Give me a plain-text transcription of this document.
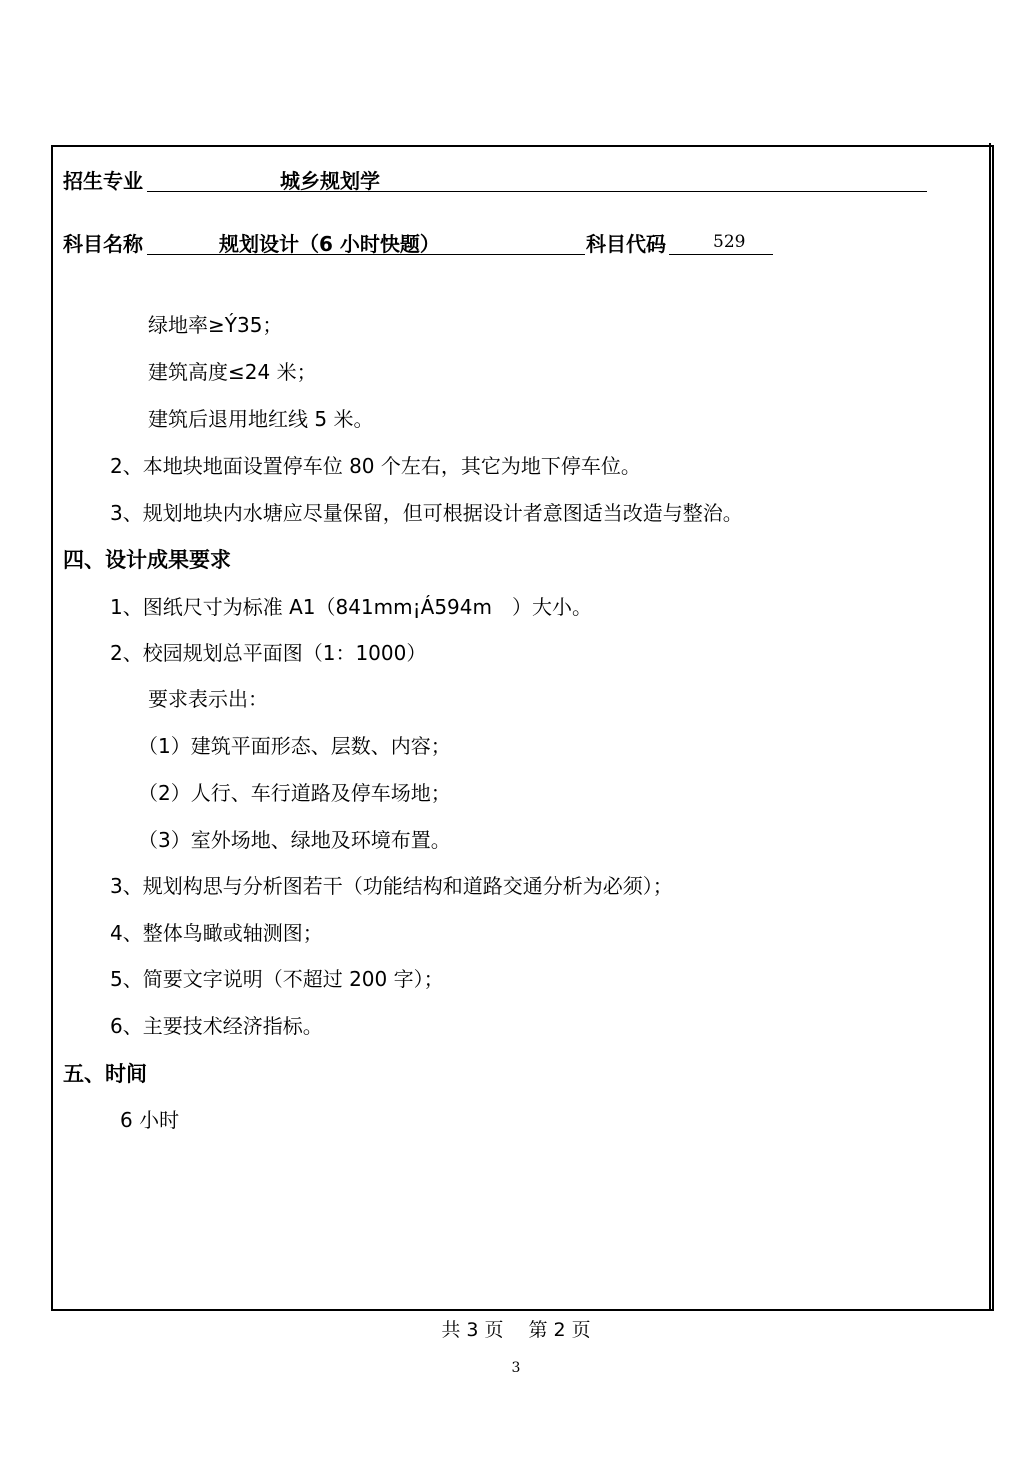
招生专业	城乡规划学
科目名称	规划设计（6 小时快题）	科目代码	529
绿地率≥Ý35；
建筑高度≤24 米；
建筑后退用地红线 5 米。
2、本地块地面设置停车位 80 个左右，其它为地下停车位。
3、规划地块内水塘应尽量保留，但可根据设计者意图适当改造与整治。
四、设计成果要求
1、图纸尺寸为标准 A1（841mm¡Á594m　）大小。
2、校园规划总平面图（1：1000）
要求表示出：
（1）建筑平面形态、层数、内容；
（2）人行、车行道路及停车场地；
（3）室外场地、绿地及环境布置。
3、规划构思与分析图若干（功能结构和道路交通分析为必须）；
4、整体鸟瞰或轴测图；
5、简要文字说明（不超过 200 字）；
6、主要技术经济指标。
五、时间
6 小时
共 3 页　 第 2 页
3
